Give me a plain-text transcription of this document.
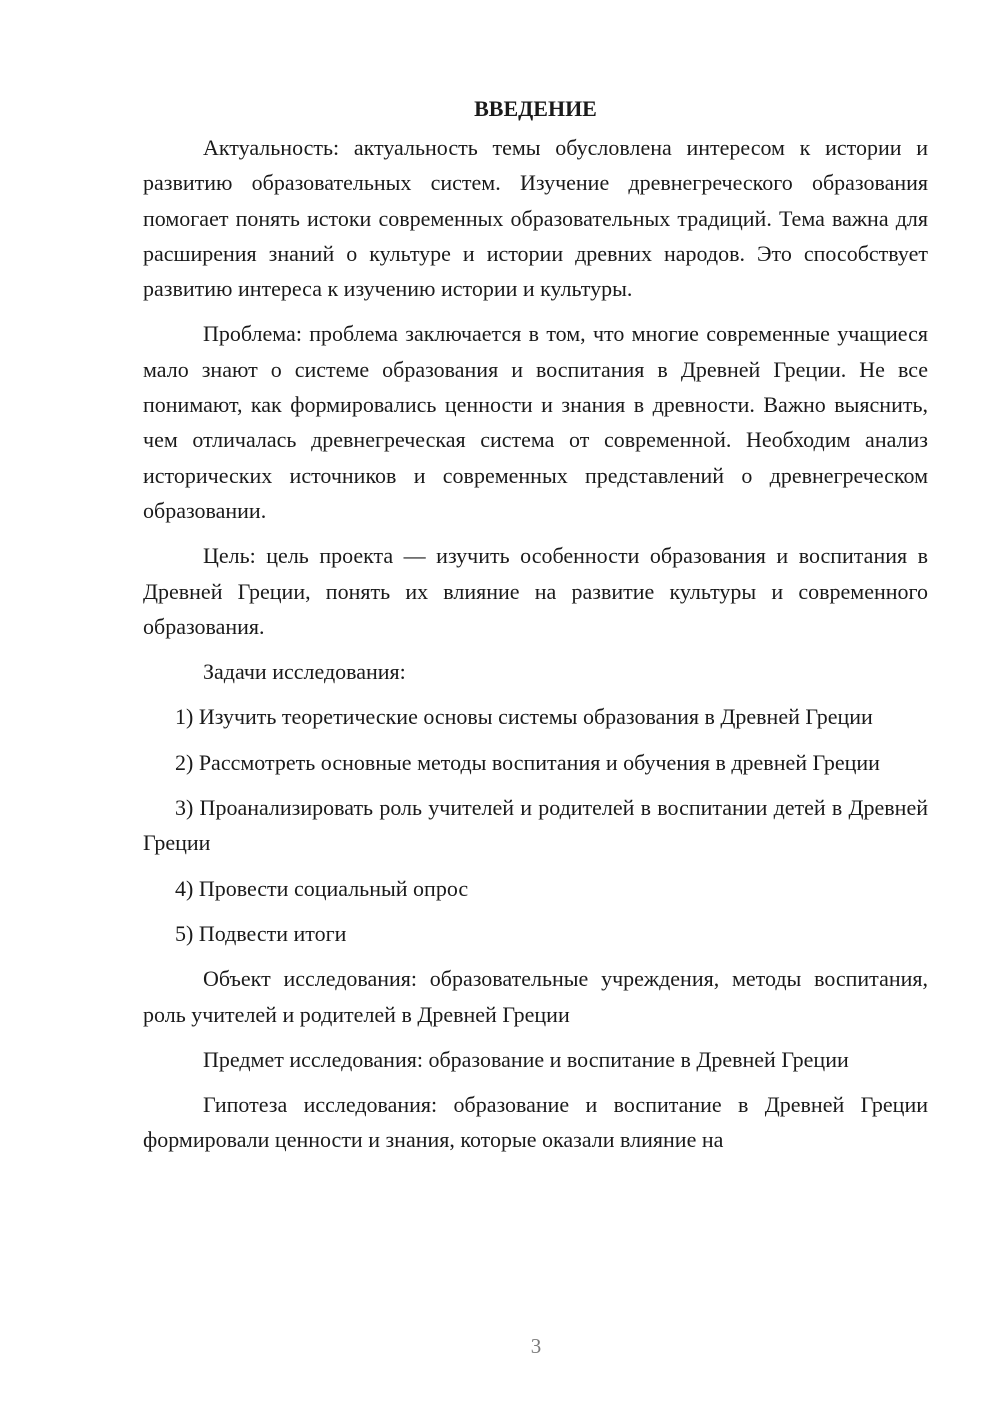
ВВЕДЕНИЕ

Актуальность: актуальность темы обусловлена интересом к истории и развитию образовательных систем. Изучение древнегреческого образования помогает понять истоки современных образовательных традиций. Тема важна для расширения знаний о культуре и истории древних народов. Это способствует развитию интереса к изучению истории и культуры.

Проблема: проблема заключается в том, что многие современные учащиеся мало знают о системе образования и воспитания в Древней Греции. Не все понимают, как формировались ценности и знания в древности. Важно выяснить, чем отличалась древнегреческая система от современной. Необходим анализ исторических источников и современных представлений о древнегреческом образовании.

Цель: цель проекта — изучить особенности образования и воспитания в Древней Греции, понять их влияние на развитие культуры и современного образования.

Задачи исследования:

1) Изучить теоретические основы системы образования в Древней Греции

2) Рассмотреть основные методы воспитания и обучения в древней Греции

3) Проанализировать роль учителей и родителей в воспитании детей в Древней Греции

4) Провести социальный опрос

5) Подвести итоги

Объект исследования: образовательные учреждения, методы воспитания, роль учителей и родителей в Древней Греции

Предмет исследования: образование и воспитание в Древней Греции

Гипотеза исследования: образование и воспитание в Древней Греции формировали ценности и знания, которые оказали влияние на

3
